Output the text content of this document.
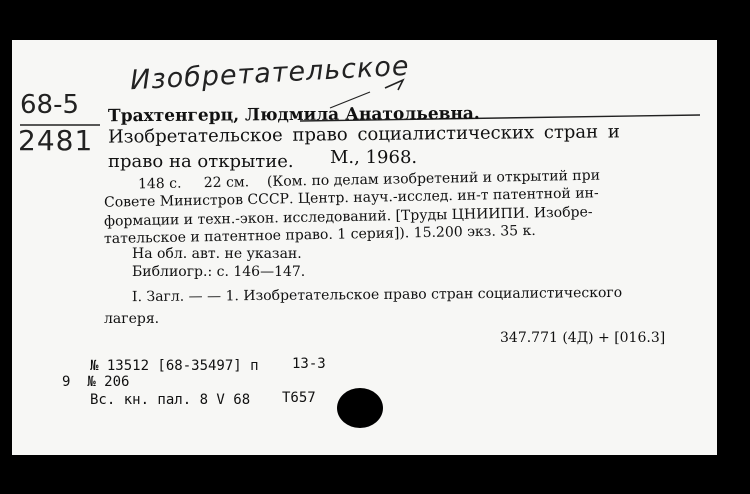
Изобретательское
68-5
2481
Трахтенгерц, Людмила Анатольевна.
Изобретательское право социалистических стран и
право на открытие. М., 1968.
148 с.     22 см.    (Ком. по делам изобретений и открытий при
Совете Министров СССР. Центр. науч.-исслед. ин-т патентной ин-
формации и техн.-экон. исследований. [Труды ЦНИИПИ. Изобре-
тательское и патентное право. 1 серия]). 15.200 экз. 35 к.
На обл. авт. не указан.
Библиогр.: с. 146—147.
I. Загл. — — 1. Изобретательское право стран социалистического
лагеря.
347.771 (4Д) + [016.3]
№ 13512 [68-35497] п 13-3
9  № 206
Вс. кн. пал. 8 V 68 Т657
